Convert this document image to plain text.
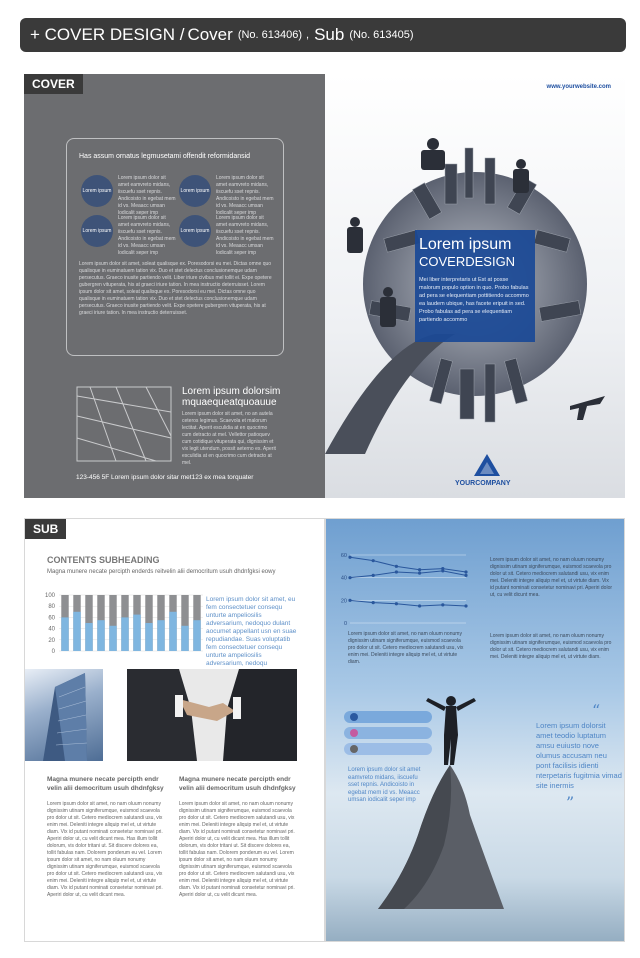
+ COVER DESIGN / Cover (No. 613406) , Sub (No. 613405)
COVER
Has assum ornatus legmusetami offendit reformidansid
Lorem ipsum
Lorem ipsum dolor sit amet eamvreto midans, iiscuefu sset repnis. Andicoisto in egebat mem id vs. Meaacc umsan lodicalit seper imp
Lorem ipsum
Lorem ipsum dolor sit amet eamvreto midans, iiscuefu sset repnis. Andicoisto in egebat mem id vs. Meaacc umsan lodicalit seper imp
Lorem ipsum
Lorem ipsum dolor sit amet eamvreto midans, iiscuefu sset repnis. Andicoisto in egebat mem id vs. Meaacc umsan lodicalit seper imp
Lorem ipsum
Lorem ipsum dolor sit amet eamvreto midans, iiscuefu sset repnis. Andicoisto in egebat mem id vs. Meaacc umsan lodicalit seper imp
Lorem ipsum dolor sit amet, soleat qualisque ex. Poresodorsi eu mei. Dictas omne quo qualisque in euminatuem tation vix. Duo et stet delectus conclusionemque udam persecutus. Graeco inusite partiendo velit. Liber iriure civibus mel tollit ei. Expe opetere gubergren vituperata, his at graeci iriure tation. In mea instructio deterruisset. Lorem ipsum dolor sit amet, soleat qualisque ex. Poresodorsi eu mei. Dictas omne quo qualisque in euminatuem tation vix. Duo et stet delectus conclusionemque udam persecutus. Graeco inusite partiendo velit. Expe opetere gubergren vituperata, his at graeci iriure tation. In mea instructio deterruisset.
Lorem ipsum dolorsim
mquaequeatquoauue
Lorem ipsum dolor sit amet, no an autela ceteros legimus. Scaevola et malorum lectitat. Aperit esculidia at en quocrimo cum detracto at mel. Vellettor patioquev cum cotidique vituperata qui, dignissim et vix legit utendum, possit aeterno ex. Aperit esculidia at en quocrimo cum detracto at mel.
123-456 5F Lorem ipsum dolor sitar met123 ex mea torquater
www.yourwebsite.com
Lorem ipsum
COVERDESIGN
Mei liber interpretaris ut Est at posse malorum populo option in quo. Probo fabulas ad pera se elequentiam pottitiendo accommo ea laudem ubique, has facete eripuit in sed. Probo fabulas ad pera se elequentiam partiendo accommo
YOURCOMPANY
SUB
CONTENTS SUBHEADING
Magna munere necate percipth enderds reitvelin alii democritum usuh dhdnfgksi eowy
100
80
60
40
20
0
Lorem ipsum dolor sit amet, eu fem consectetuer consequ unturte ampeliosilis adversarium, nedoquo dulant aocumet appellant usn en suae repudiandae. Suas voluptatib fem consectetuer consequ unturte ampeliosilis adversarium, nedoqu
Magna munere necate percipth endr velin alii democritum usuh dhdnfgksy
Magna munere necate percipth endr velin alii democritum usuh dhdnfgksy
Lorem ipsum dolor sit amet, no nam oluum nonumy dignissim utinam signiferumque, euismod scaevola pro dolor ut sit. Cetero mediocrem salutandi usu, vix enim mei. Deleniti integre aliquip mel et, ut virtute diam. Vix id putant nominati consetetur nominavi pri. Aperiri dolor ut, cu velit dicunt mea. Has illum tollit dolorum, vis dolor tritani ut. Sit discere dolores ea, tollit fabulas nam. Dolorem ponderum eu vel. Lorem ipsum dolor sit amet, no nam oluum nonumy dignissim utinam signiferumque, euismod scaevola pro dolor ut sit. Cetero mediocrem salutandi usu, vix enim mei. Deleniti integre aliquip mel et, ut virtute diam. Vix id putant nominati consetetur nominavi pri. Aperiri dolor ut, cu velit dicunt mea.
Lorem ipsum dolor sit amet, no nam oluum nonumy dignissim utinam signiferumque, euismod scaevola pro dolor ut sit. Cetero mediocrem salutandi usu, vix enim mei. Deleniti integre aliquip mel et, ut virtute diam. Vix id putant nominati consetetur nominavi pri. Aperiri dolor ut, cu velit dicunt mea. Has illum tollit dolorum, vis dolor tritani ut. Sit discere dolores ea, tollit fabulas nam. Dolorem ponderum eu vel. Lorem ipsum dolor sit amet, no nam oluum nonumy dignissim utinam signiferumque, euismod scaevola pro dolor ut sit. Cetero mediocrem salutandi usu, vix enim mei. Deleniti integre aliquip mel et, ut virtute diam. Vix id putant nominati consetetur nominavi pri. Aperiri dolor ut, cu velit dicunt mea.
60
40
20
0
Lorem ipsum dolor sit amet, no nam oluum nonumy dignissim utinam signiferumque, euismod scaevola pro dolor ut sit. Cetero mediocrem salutandi usu, vix enim mei. Deleniti integre aliquip mel et, ut virtute diam. Vix id putant nominati consetetur nominavi pri. Aperiri dolor ut, cu velit dicunt mea.
Lorem ipsum dolor sit amet, no nam oluum nonumy dignissim utinam signiferumque, euismod scaevola pro dolor ut sit. Cetero mediocrem salutandi usu, vix enim mei. Deleniti integre aliquip mel et, ut virtute diam.
Lorem ipsum dolor sit amet, no nam oluum nonumy dignissim utinam signiferumque, euismod scaevola pro dolor ut sit. Cetero mediocrem salutandi usu, vix enim mei. Deleniti integre aliquip mel et, ut virtute diam.
Lorem ipsum dolor sit amet eamvreto midans, iiscuefu sset repnis. Andicoisto in egebat mem id vs. Meaacc umsan iodicalit seper imp
“
Lorem ipsum dolorsit amet teodio luptatum amsu euiusto nove olumus accusam neu pont facilisis idienti nterpetaris fugitmia vimad site inermis
”
